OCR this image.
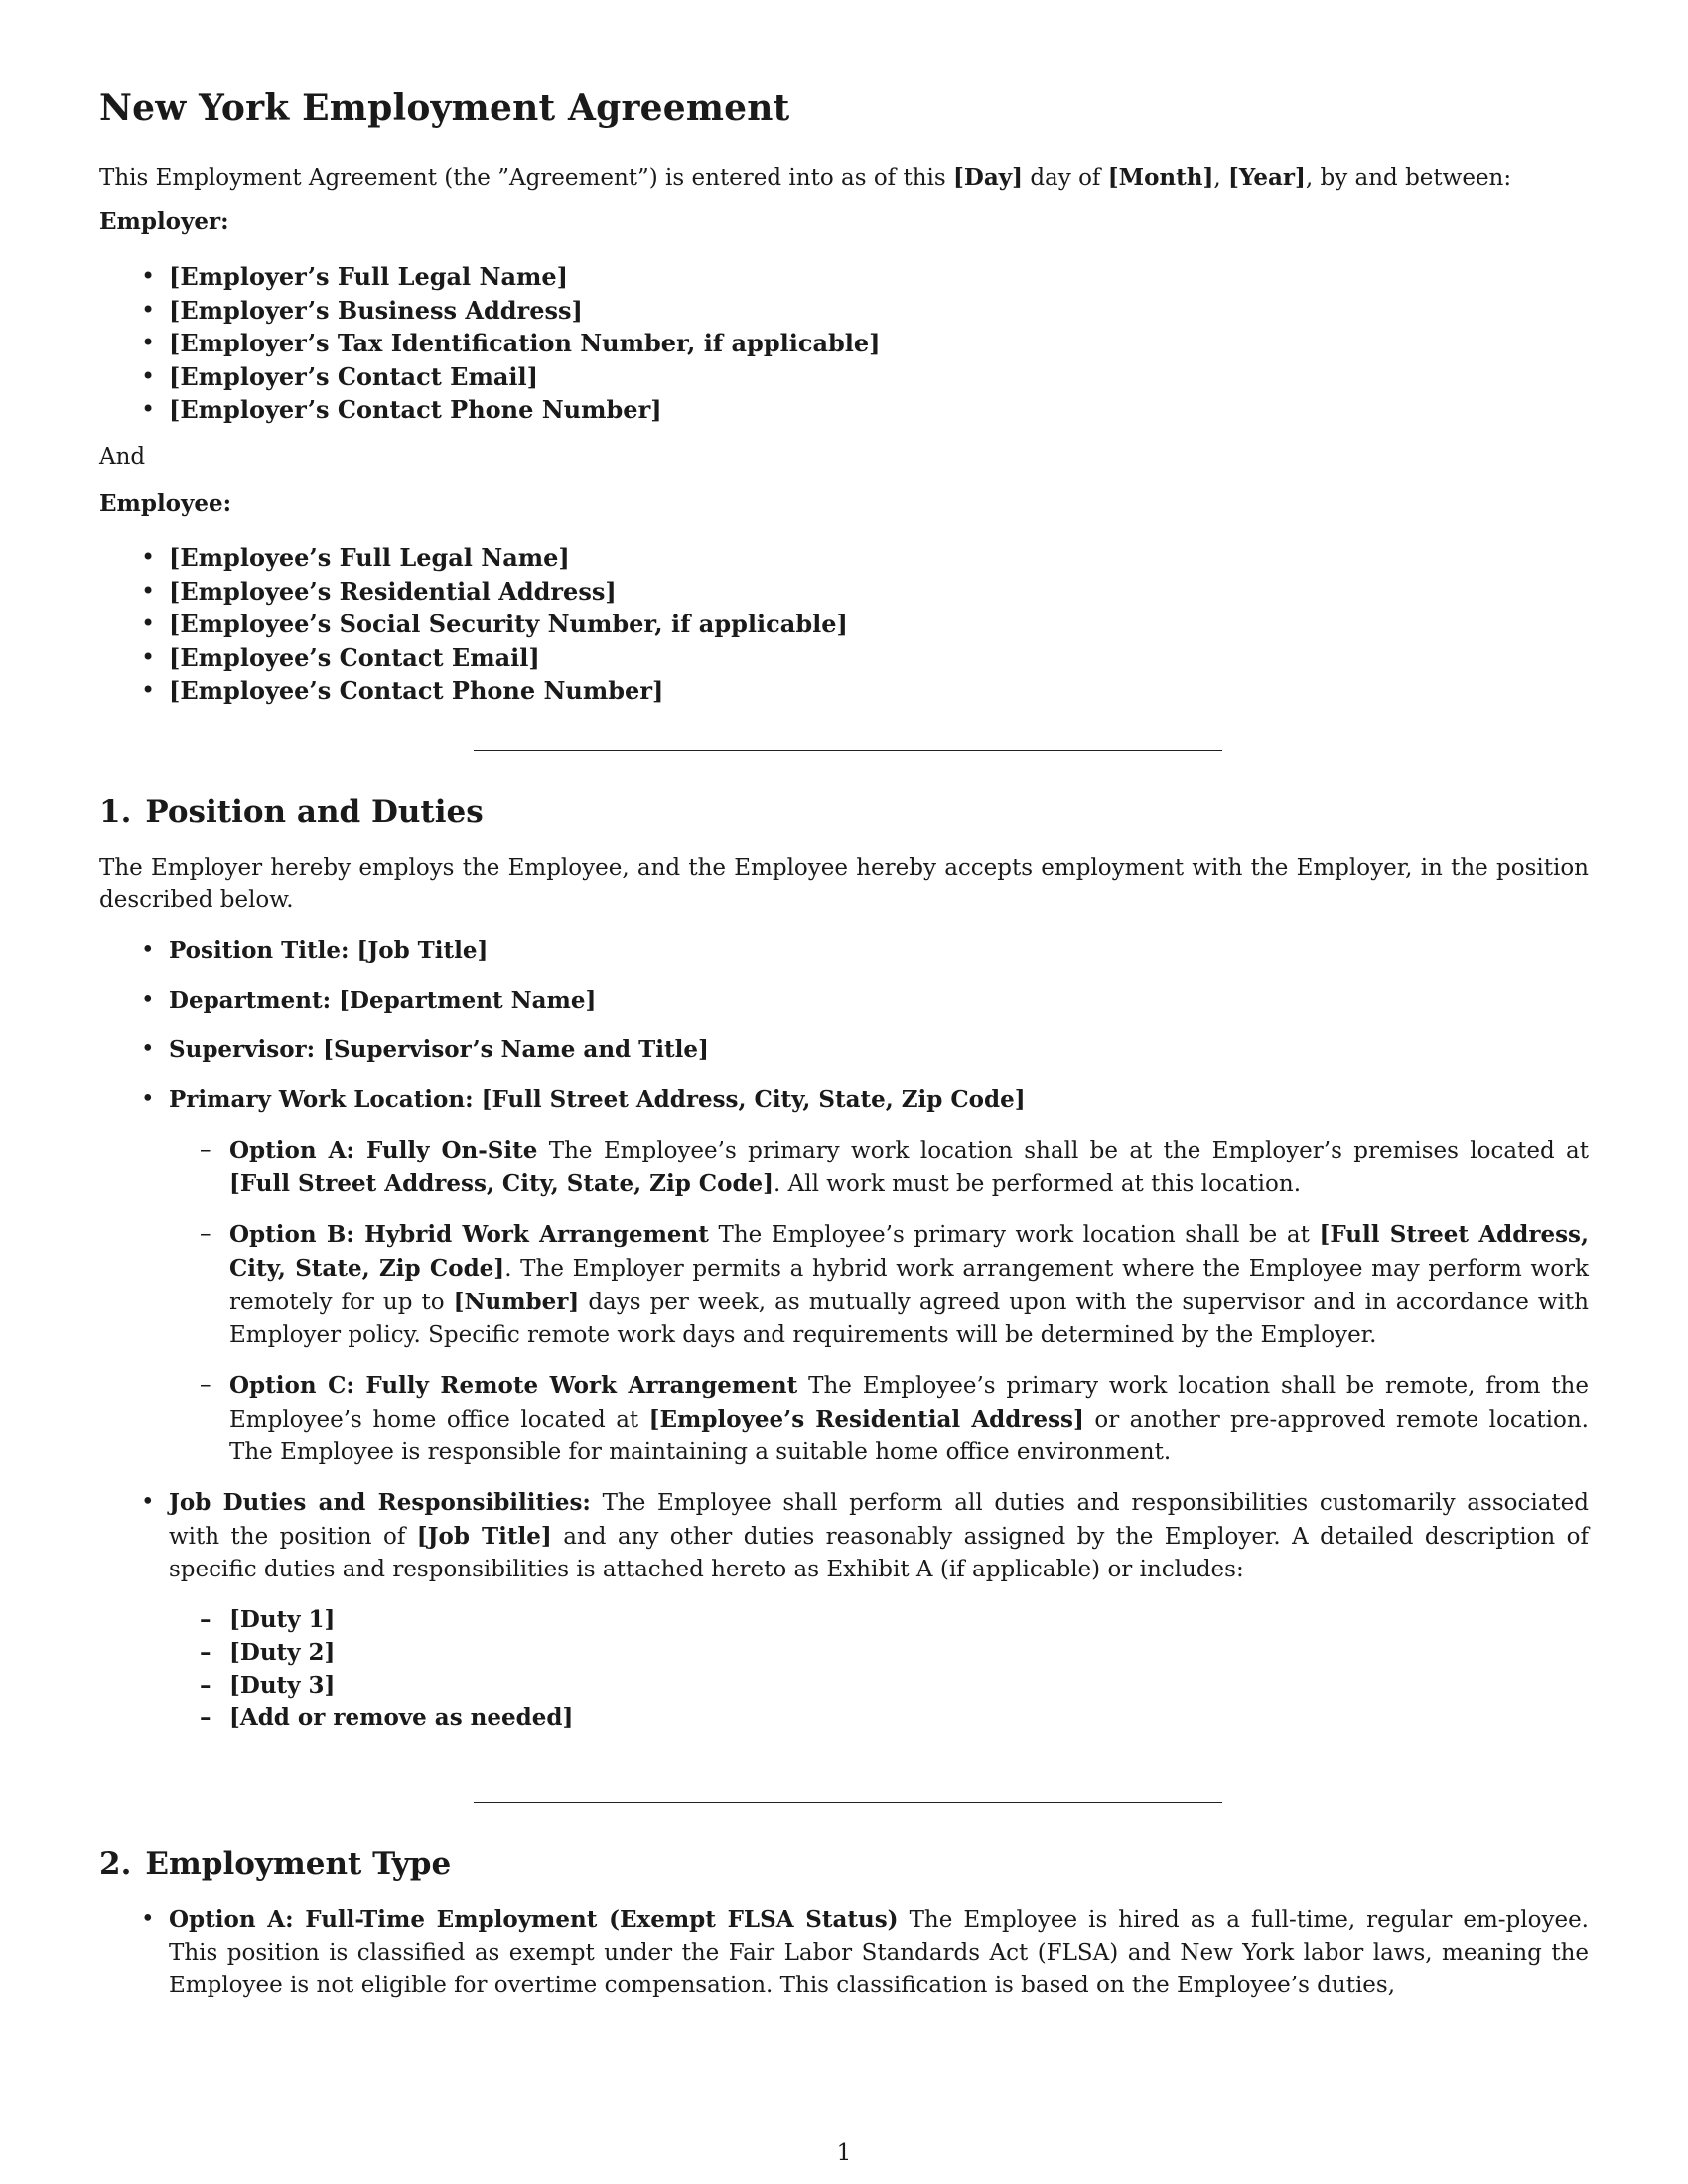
New York Employment Agreement

This Employment Agreement (the ”Agreement”) is entered into as of this [Day] day of [Month], [Year], by and between:

Employer:
• [Employer’s Full Legal Name]
• [Employer’s Business Address]
• [Employer’s Tax Identification Number, if applicable]
• [Employer’s Contact Email]
• [Employer’s Contact Phone Number]
And
Employee:
• [Employee’s Full Legal Name]
• [Employee’s Residential Address]
• [Employee’s Social Security Number, if applicable]
• [Employee’s Contact Email]
• [Employee’s Contact Phone Number]
1. Position and Duties

The Employer hereby employs the Employee, and the Employee hereby accepts employment with the Employer, in the position described below.

• Position Title: [Job Title]
• Department: [Department Name]
• Supervisor: [Supervisor’s Name and Title]
• Primary Work Location: [Full Street Address, City, State, Zip Code]
– Option A: Fully On-Site The Employee’s primary work location shall be at the Employer’s premises located at [Full Street Address, City, State, Zip Code]. All work must be performed at this location.
– Option B: Hybrid Work Arrangement The Employee’s primary work location shall be at [Full Street Address, City, State, Zip Code]. The Employer permits a hybrid work arrangement where the Employee may perform work remotely for up to [Number] days per week, as mutually agreed upon with the supervisor and in accordance with Employer policy. Specific remote work days and requirements will be determined by the Employer.
– Option C: Fully Remote Work Arrangement The Employee’s primary work location shall be remote, from the Employee’s home office located at [Employee’s Residential Address] or another pre-approved remote location. The Employee is responsible for maintaining a suitable home office environment.
• Job Duties and Responsibilities: The Employee shall perform all duties and responsibilities customarily associated with the position of [Job Title] and any other duties reasonably assigned by the Employer. A detailed description of specific duties and responsibilities is attached hereto as Exhibit A (if applicable) or includes:
– [Duty 1]
– [Duty 2]
– [Duty 3]
– [Add or remove as needed]
2. Employment Type
• Option A: Full-Time Employment (Exempt FLSA Status) The Employee is hired as a full-time, regular em-ployee. This position is classified as exempt under the Fair Labor Standards Act (FLSA) and New York labor laws, meaning the Employee is not eligible for overtime compensation. This classification is based on the Employee’s duties,
1
